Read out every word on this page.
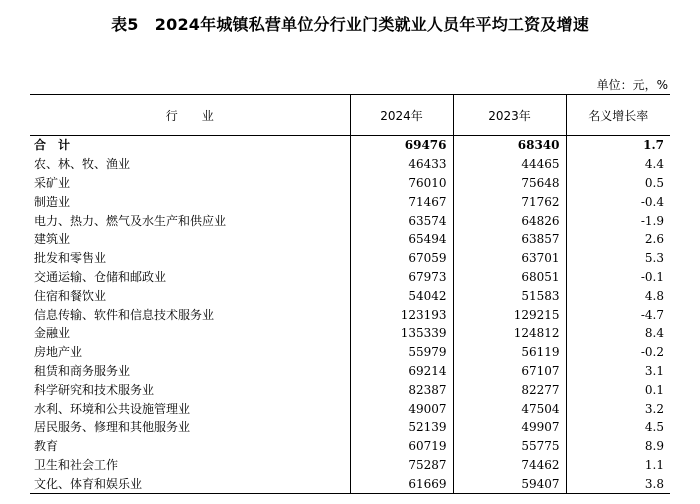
表5　2024年城镇私营单位分行业门类就业人员年平均工资及增速
单位：元，%
行　　业	2024年	2023年	名义增长率
合　计	69476	68340	1.7
农、林、牧、渔业	46433	44465	4.4
采矿业	76010	75648	0.5
制造业	71467	71762	-0.4
电力、热力、燃气及水生产和供应业	63574	64826	-1.9
建筑业	65494	63857	2.6
批发和零售业	67059	63701	5.3
交通运输、仓储和邮政业	67973	68051	-0.1
住宿和餐饮业	54042	51583	4.8
信息传输、软件和信息技术服务业	123193	129215	-4.7
金融业	135339	124812	8.4
房地产业	55979	56119	-0.2
租赁和商务服务业	69214	67107	3.1
科学研究和技术服务业	82387	82277	0.1
水利、环境和公共设施管理业	49007	47504	3.2
居民服务、修理和其他服务业	52139	49907	4.5
教育	60719	55775	8.9
卫生和社会工作	75287	74462	1.1
文化、体育和娱乐业	61669	59407	3.8
